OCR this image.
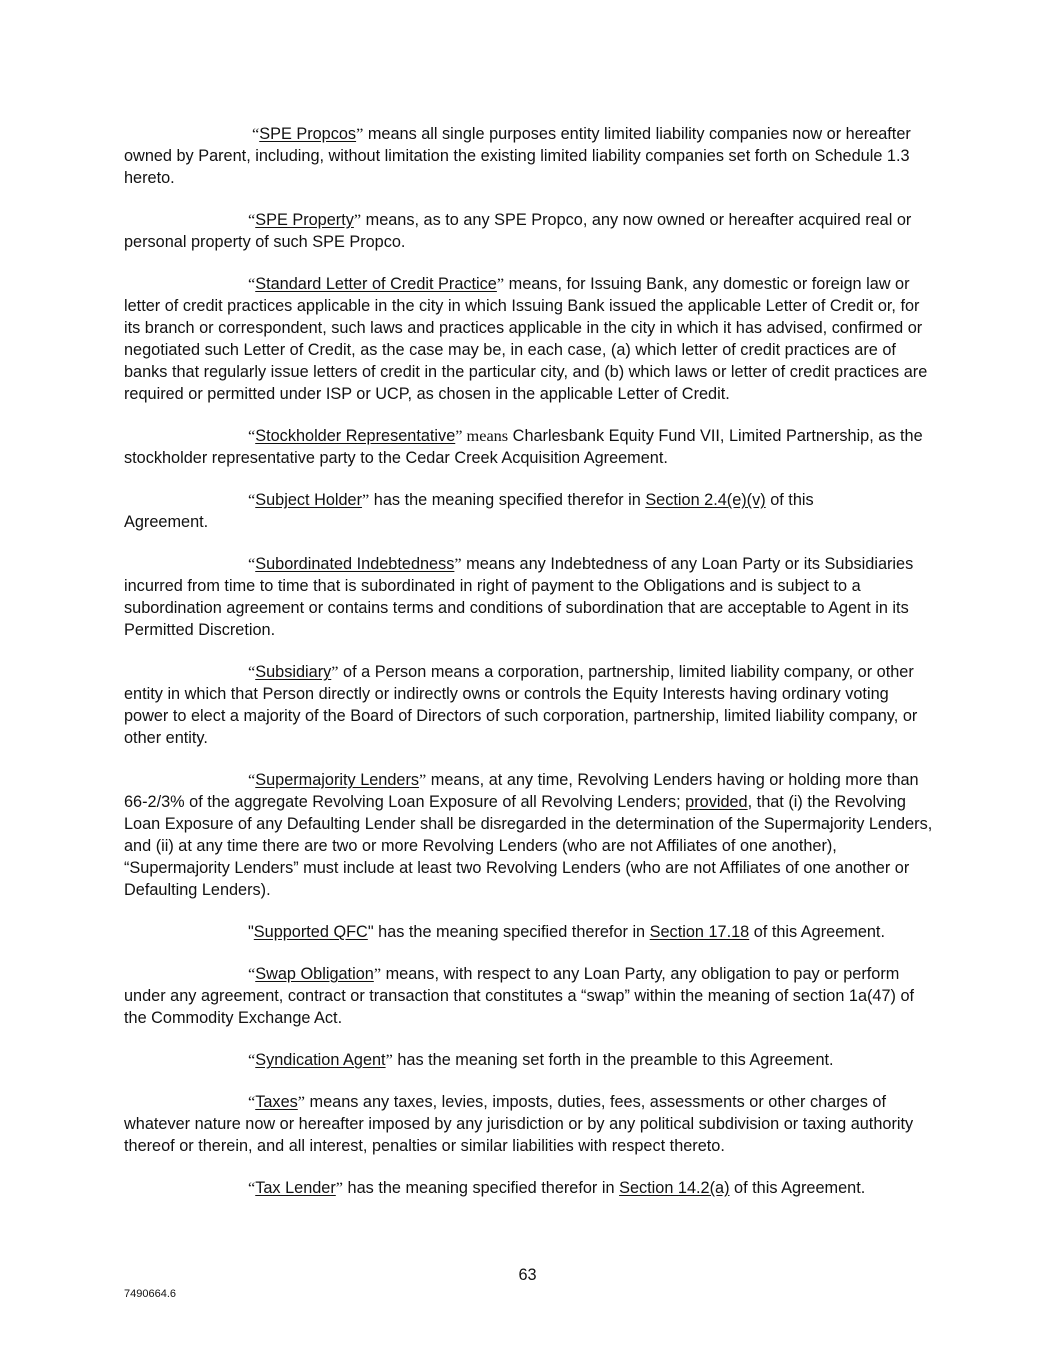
“SPE Propcos” means all single purposes entity limited liability companies now or hereafter owned by Parent, including, without limitation the existing limited liability companies set forth on Schedule 1.3 hereto.

“SPE Property” means, as to any SPE Propco, any now owned or hereafter acquired real or personal property of such SPE Propco.

“Standard Letter of Credit Practice” means, for Issuing Bank, any domestic or foreign law or letter of credit practices applicable in the city in which Issuing Bank issued the applicable Letter of Credit or, for its branch or correspondent, such laws and practices applicable in the city in which it has advised, confirmed or negotiated such Letter of Credit, as the case may be, in each case, (a) which letter of credit practices are of banks that regularly issue letters of credit in the particular city, and (b) which laws or letter of credit practices are required or permitted under ISP or UCP, as chosen in the applicable Letter of Credit.

“Stockholder Representative” means Charlesbank Equity Fund VII, Limited Partnership, as the stockholder representative party to the Cedar Creek Acquisition Agreement.

“Subject Holder” has the meaning specified therefor in Section 2.4(e)(v) of this
Agreement.

“Subordinated Indebtedness” means any Indebtedness of any Loan Party or its Subsidiaries incurred from time to time that is subordinated in right of payment to the Obligations and is subject to a subordination agreement or contains terms and conditions of subordination that are acceptable to Agent in its Permitted Discretion.

“Subsidiary” of a Person means a corporation, partnership, limited liability company, or other entity in which that Person directly or indirectly owns or controls the Equity Interests having ordinary voting power to elect a majority of the Board of Directors of such corporation, partnership, limited liability company, or other entity.

“Supermajority Lenders” means, at any time, Revolving Lenders having or holding more than 66-2/3% of the aggregate Revolving Loan Exposure of all Revolving Lenders; provided, that (i) the Revolving Loan Exposure of any Defaulting Lender shall be disregarded in the determination of the Supermajority Lenders, and (ii) at any time there are two or more Revolving Lenders (who are not Affiliates of one another), “Supermajority Lenders” must include at least two Revolving Lenders (who are not Affiliates of one another or Defaulting Lenders).

"Supported QFC" has the meaning specified therefor in Section 17.18 of this Agreement.

“Swap Obligation” means, with respect to any Loan Party, any obligation to pay or perform under any agreement, contract or transaction that constitutes a “swap” within the meaning of section 1a(47) of the Commodity Exchange Act.

“Syndication Agent” has the meaning set forth in the preamble to this Agreement.

“Taxes” means any taxes, levies, imposts, duties, fees, assessments or other charges of whatever nature now or hereafter imposed by any jurisdiction or by any political subdivision or taxing authority thereof or therein, and all interest, penalties or similar liabilities with respect thereto.

“Tax Lender” has the meaning specified therefor in Section 14.2(a) of this Agreement.

63
7490664.6
